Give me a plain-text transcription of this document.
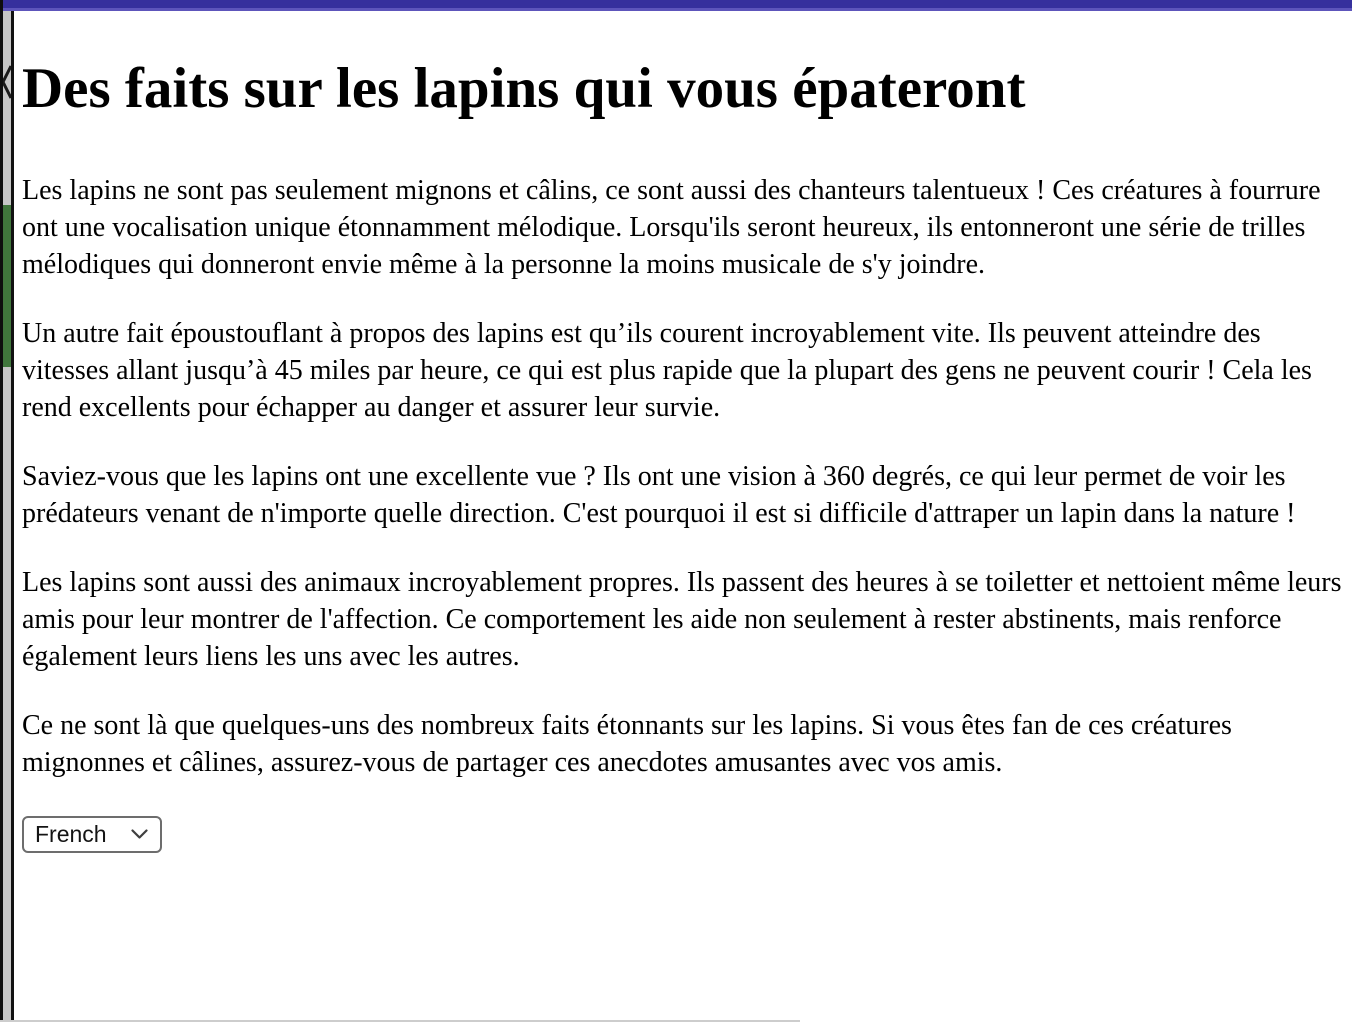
Des faits sur les lapins qui vous épateront

Les lapins ne sont pas seulement mignons et câlins, ce sont aussi des chanteurs talentueux ! Ces créatures à fourrure ont une vocalisation unique étonnamment mélodique. Lorsqu'ils seront heureux, ils entonneront une série de trilles mélodiques qui donneront envie même à la personne la moins musicale de s'y joindre.

Un autre fait époustouflant à propos des lapins est qu’ils courent incroyablement vite. Ils peuvent atteindre des vitesses allant jusqu’à 45 miles par heure, ce qui est plus rapide que la plupart des gens ne peuvent courir ! Cela les rend excellents pour échapper au danger et assurer leur survie.

Saviez-vous que les lapins ont une excellente vue ? Ils ont une vision à 360 degrés, ce qui leur permet de voir les prédateurs venant de n'importe quelle direction. C'est pourquoi il est si difficile d'attraper un lapin dans la nature !

Les lapins sont aussi des animaux incroyablement propres. Ils passent des heures à se toiletter et nettoient même leurs amis pour leur montrer de l'affection. Ce comportement les aide non seulement à rester abstinents, mais renforce également leurs liens les uns avec les autres.

Ce ne sont là que quelques-uns des nombreux faits étonnants sur les lapins. Si vous êtes fan de ces créatures mignonnes et câlines, assurez-vous de partager ces anecdotes amusantes avec vos amis.

French
